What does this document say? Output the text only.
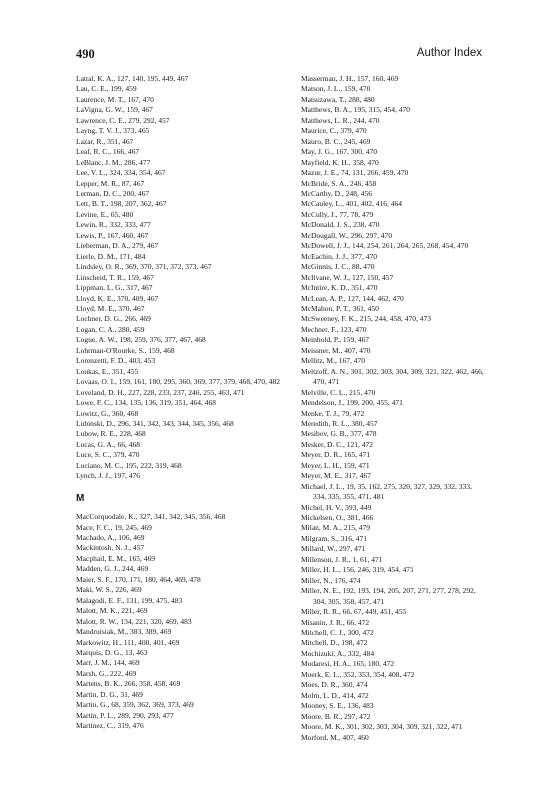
490	Author Index
Lattal, K. A., 127, 140, 195, 449, 467
Lau, C. E., 199, 459
Laurence, M. T., 167, 470
LaVigna, G. W., 159, 467
Lawrence, C. E., 279, 292, 457
Layng, T. V. J., 373, 465
Lazar, R., 351, 467
Leaf, R. C., 166, 467
LeBlanc, J. M., 286, 477
Lee, V. L., 324, 334, 354, 467
Lepper, M. R., 87, 467
Lerman, D. C., 200, 467
Lett, B. T., 198, 207, 362, 467
Levine, E., 65, 480
Lewin, R., 332, 333, 477
Lewis, P., 167, 460, 467
Lieberman, D. A., 279, 467
Lierle, D. M., 171, 484
Lindsley, O. R., 369, 370, 371, 372, 373, 467
Linscheid, T. R., 159, 467
Lippman, L. G., 317, 467
Lloyd, K. E., 370, 409, 467
Lloyd, M. E., 370, 467
Lochner, D. G., 266, 469
Logan, C. A., 280, 459
Logue, A. W., 198, 259, 376, 377, 467, 468
Lohrman-O'Rourke, S., 159, 468
Lorenzetti, F. D., 403, 453
Loukas, E., 351, 455
Lovaas, O. I., 159, 161, 180, 295, 360, 369, 377, 379, 468, 470, 482
Loveland, D. H., 227, 228, 233, 237, 246, 255, 463, 471
Lowe, F. C., 134, 135, 136, 319, 351, 464, 468
Lowitz, G., 360, 468
Lubinski, D., 296, 341, 342, 343, 344, 345, 356, 468
Lubow, R. E., 228, 468
Lucas, G. A., 66, 468
Luce, S. C., 379, 470
Luciano, M. C., 195, 222, 319, 468
Lynch, J. J., 197, 476
M
MacCorquodale, K., 327, 341, 342, 345, 356, 468
Mace, F. C., 19, 245, 469
Machado, A., 106, 469
Mackintosh, N. J., 457
Macphail, E. M., 165, 469
Madden, G. J., 244, 469
Maier, S. F., 170, 171, 180, 464, 469, 478
Maki, W. S., 226, 469
Malagodi, E. F., 131, 199, 475, 483
Malott, M. K., 221, 469
Malott, R. W., 134, 221, 320, 469, 483
Mandruisiak, M., 383, 389, 469
Markowitz, H., 111, 400, 401, 469
Marquis, D. G., 13, 463
Marr, J. M., 144, 469
Marsh, G., 222, 469
Martens, B. K., 266, 358, 458, 469
Martin, D. G., 31, 469
Martin, G., 68, 359, 362, 369, 373, 469
Martin, P. L., 289, 290, 293, 477
Martinez, C., 319, 476
Masserman, J. H., 157, 160, 469
Matson, J. L., 159, 470
Matsuzawa, T., 288, 480
Matthews, B. A., 195, 315, 454, 470
Matthews, L. R., 244, 470
Maurice, C., 379, 470
Mauro, B. C., 245, 469
May, J. G., 167, 300, 470
Mayfield, K. H., 358, 470
Mazur, J. E., 74, 131, 266, 459, 470
McBride, S. A., 246, 458
McCarthy, D., 248, 456
McCauley, L., 401, 402, 416, 464
McCully, J., 77, 78, 479
McDonald, J. S., 238, 470
McDougall, W., 296, 297, 470
McDowell, J. J., 144, 254, 261, 264, 265, 268, 454, 470
McEachin, J. J., 377, 470
McGinnis, J. C., 88, 470
McIlvane, W. J., 127, 150, 457
McIntire, K. D., 351, 470
McLean, A. P., 127, 144, 462, 470
McMahon, P. T., 361, 450
McSweeney, F. K., 215, 244, 458, 470, 473
Mechner, F., 123, 470
Meinhold, P., 159, 467
Meissner, M., 407, 470
Mellitz, M., 167, 470
Meltzoff, A. N., 301, 302, 303, 304, 309, 321, 322, 462, 466, 470, 471
Melville, C. L., 215, 470
Mendelson, J., 199, 200, 455, 471
Menke, T. J., 79, 472
Meredith, R. L., 380, 457
Mesibov, G. B., 377, 478
Mesker, D. C., 121, 472
Meyer, D. R., 165, 471
Meyer, L. H., 159, 471
Meyer, M. E., 317, 467
Michael, J. L., 19, 35, 162, 275, 320, 327, 329, 332, 333, 334, 335, 355, 471, 481
Michel, H. V., 393, 449
Mickelsen, O., 381, 466
Milan, M. A., 215, 479
Milgram, S., 316, 471
Millard, W., 297, 471
Millenson, J. R., 1, 61, 471
Miller, H. L., 156, 246, 319, 454, 471
Miller, N., 176, 474
Miller, N. E., 192, 193, 194, 205, 207, 271, 277, 278, 292, 304, 305, 358, 457, 471
Miller, R. R., 66, 67, 449, 451, 455
Misanin, J. R., 66, 472
Mitchell, C. J., 300, 472
Mitchell, D., 198, 472
Mochizuki, A., 332, 484
Modaresi, H. A., 165, 180, 472
Moerk, E. L., 352, 353, 354, 408, 472
Moes, D. R., 360, 474
Molm, L. D., 414, 472
Mooney, S. E., 136, 483
Moore, B. R., 297, 472
Moore, M. K., 301, 302, 303, 304, 309, 321, 322, 471
Morford, M., 407, 460
